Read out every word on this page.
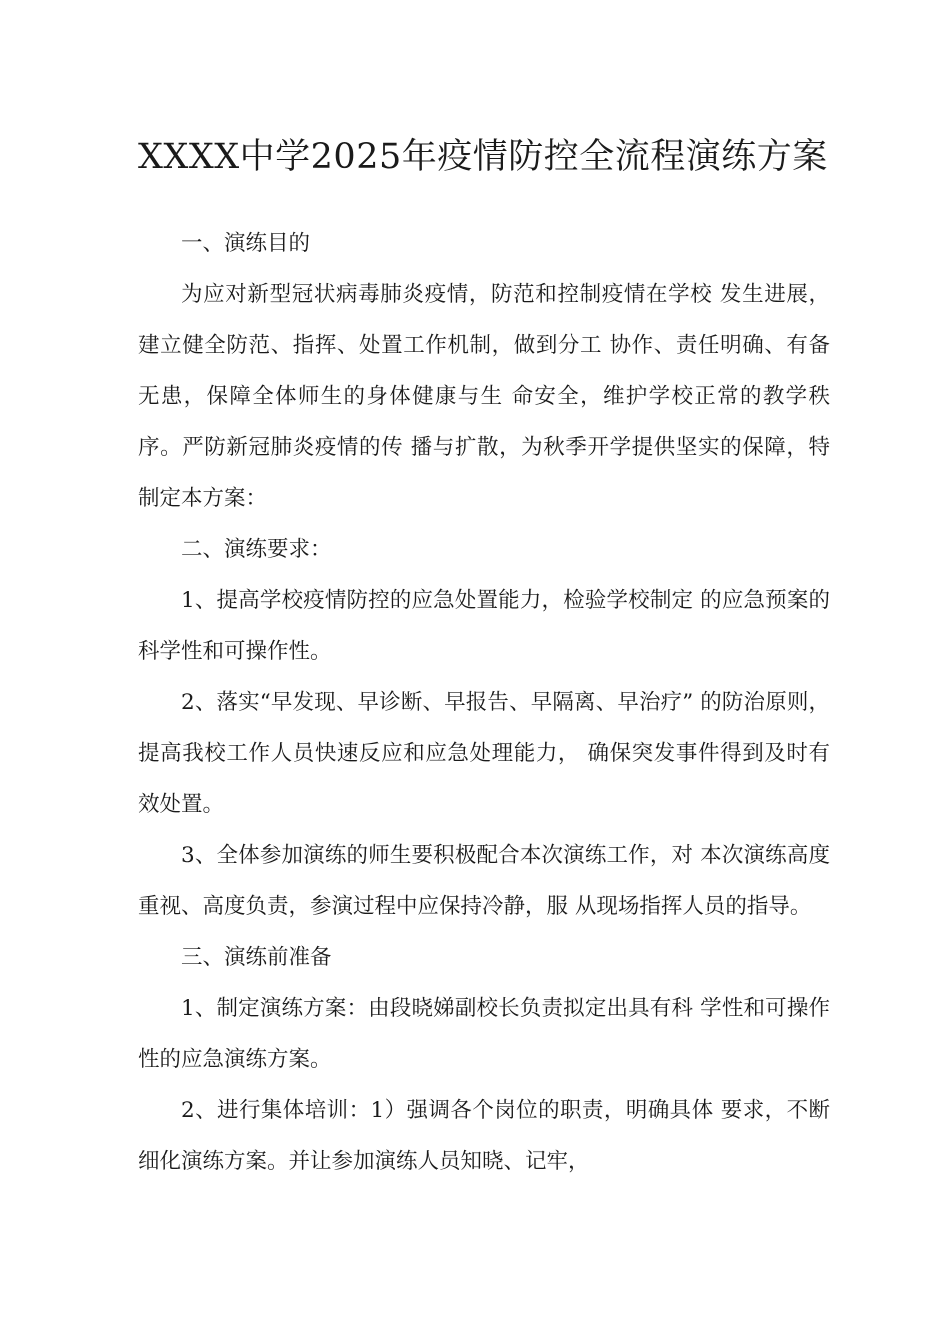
XXXX中学2025年疫情防控全流程演练方案

一、演练目的

为应对新型冠状病毒肺炎疫情，防范和控制疫情在学校 发生进展，建立健全防范、指挥、处置工作机制，做到分工 协作、责任明确、有备无患，保障全体师生的身体健康与生 命安全，维护学校正常的教学秩序。严防新冠肺炎疫情的传 播与扩散，为秋季开学提供坚实的保障，特制定本方案：

二、演练要求：

1、提高学校疫情防控的应急处置能力，检验学校制定 的应急预案的科学性和可操作性。

2、落实“早发现、早诊断、早报告、早隔离、早治疗” 的防治原则，提高我校工作人员快速反应和应急处理能力， 确保突发事件得到及时有效处置。

3、全体参加演练的师生要积极配合本次演练工作，对 本次演练高度重视、高度负责，参演过程中应保持冷静，服 从现场指挥人员的指导。

三、演练前准备

1、制定演练方案：由段晓娣副校长负责拟定出具有科 学性和可操作性的应急演练方案。

2、进行集体培训：1）强调各个岗位的职责，明确具体 要求，不断细化演练方案。并让参加演练人员知晓、记牢，
